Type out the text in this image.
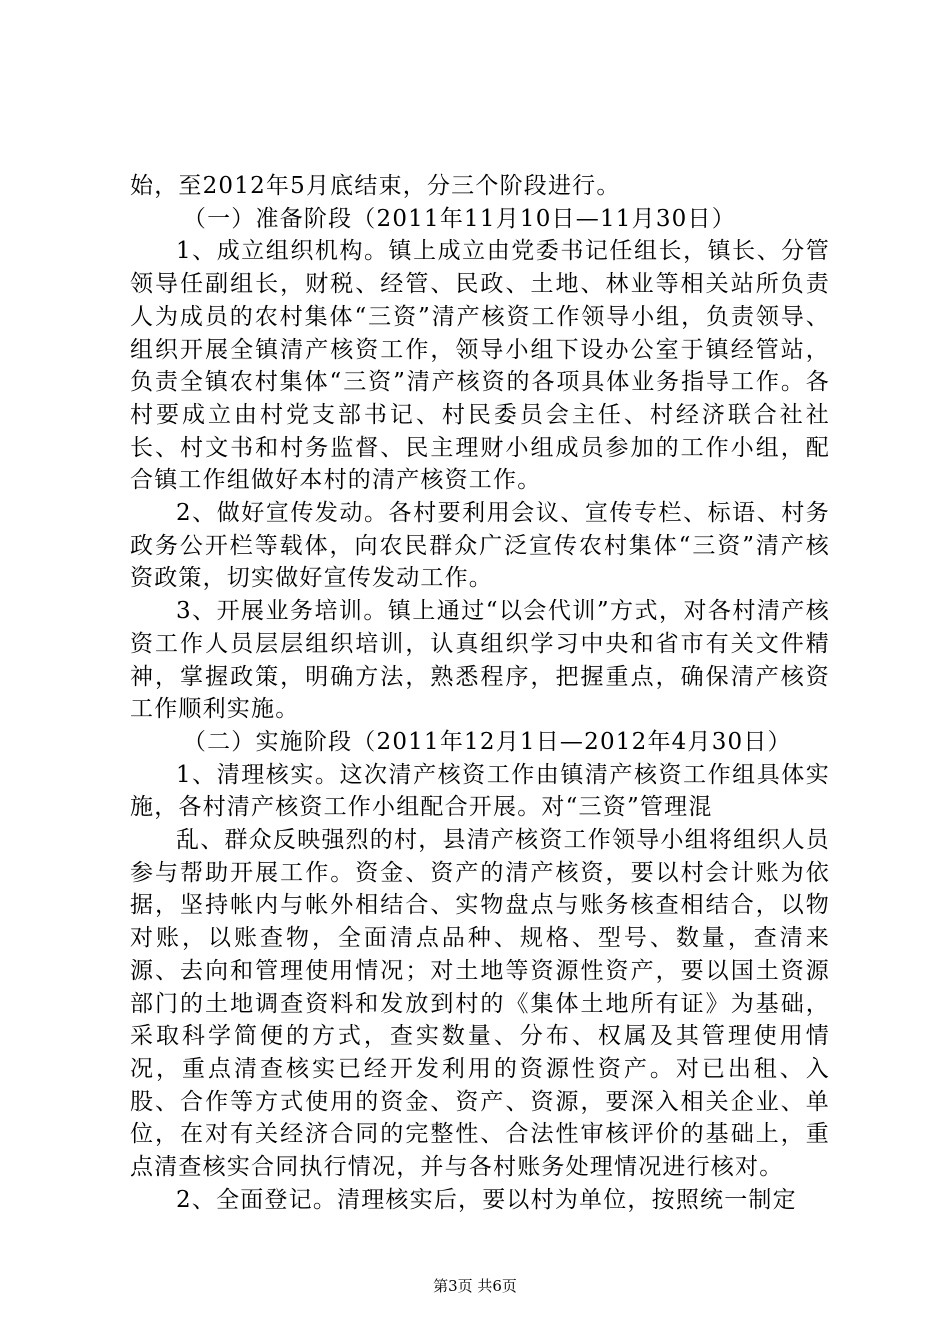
始，至2012年5月底结束，分三个阶段进行。

（一）准备阶段（2011年11月10日—11月30日）

1、成立组织机构。镇上成立由党委书记任组长，镇长、分管领导任副组长，财税、经管、民政、土地、林业等相关站所负责人为成员的农村集体“三资”清产核资工作领导小组，负责领导、组织开展全镇清产核资工作，领导小组下设办公室于镇经管站，负责全镇农村集体“三资”清产核资的各项具体业务指导工作。各村要成立由村党支部书记、村民委员会主任、村经济联合社社长、村文书和村务监督、民主理财小组成员参加的工作小组，配合镇工作组做好本村的清产核资工作。

2、做好宣传发动。各村要利用会议、宣传专栏、标语、村务政务公开栏等载体，向农民群众广泛宣传农村集体“三资”清产核资政策，切实做好宣传发动工作。

3、开展业务培训。镇上通过“以会代训”方式，对各村清产核资工作人员层层组织培训，认真组织学习中央和省市有关文件精神，掌握政策，明确方法，熟悉程序，把握重点，确保清产核资工作顺利实施。

（二）实施阶段（2011年12月1日—2012年4月30日）

1、清理核实。这次清产核资工作由镇清产核资工作组具体实施，各村清产核资工作小组配合开展。对“三资”管理混

乱、群众反映强烈的村，县清产核资工作领导小组将组织人员参与帮助开展工作。资金、资产的清产核资，要以村会计账为依据，坚持帐内与帐外相结合、实物盘点与账务核查相结合，以物对账，以账查物，全面清点品种、规格、型号、数量，查清来源、去向和管理使用情况；对土地等资源性资产，要以国土资源部门的土地调查资料和发放到村的《集体土地所有证》为基础，采取科学简便的方式，查实数量、分布、权属及其管理使用情况，重点清查核实已经开发利用的资源性资产。对已出租、入股、合作等方式使用的资金、资产、资源，要深入相关企业、单位，在对有关经济合同的完整性、合法性审核评价的基础上，重点清查核实合同执行情况，并与各村账务处理情况进行核对。

2、全面登记。清理核实后，要以村为单位，按照统一制定

第3页 共6页
